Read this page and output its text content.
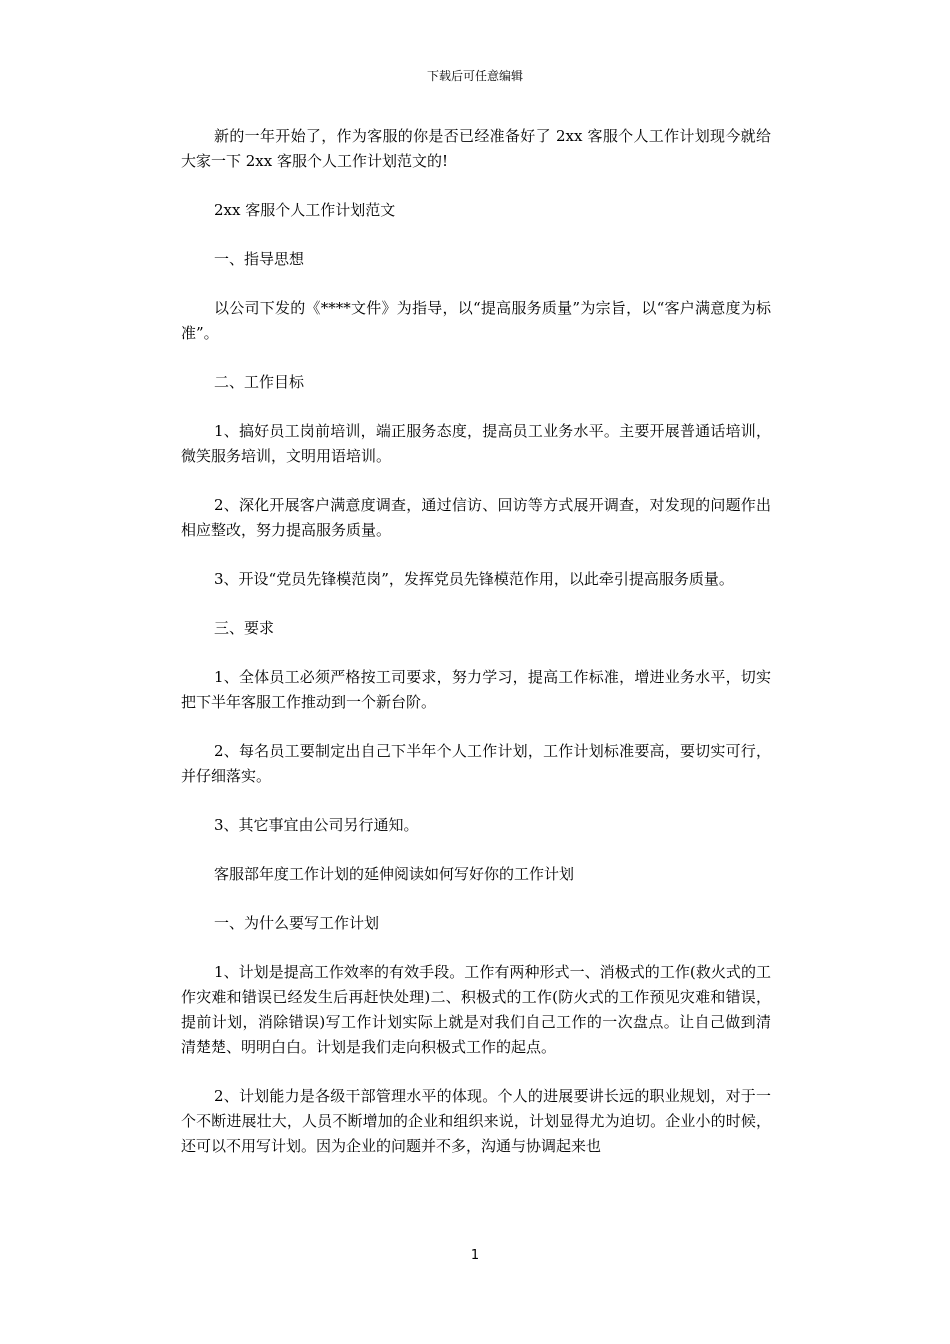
下载后可任意编辑

新的一年开始了，作为客服的你是否已经准备好了 2xx 客服个人工作计划现今就给大家一下 2xx 客服个人工作计划范文的!

2xx 客服个人工作计划范文

一、指导思想

以公司下发的《****文件》为指导，以“提高服务质量”为宗旨，以“客户满意度为标准”。

二、工作目标

1、搞好员工岗前培训，端正服务态度，提高员工业务水平。主要开展普通话培训，微笑服务培训，文明用语培训。

2、深化开展客户满意度调查，通过信访、回访等方式展开调查，对发现的问题作出相应整改，努力提高服务质量。

3、开设“党员先锋模范岗”，发挥党员先锋模范作用，以此牵引提高服务质量。

三、要求

1、全体员工必须严格按工司要求，努力学习，提高工作标准，增进业务水平，切实把下半年客服工作推动到一个新台阶。

2、每名员工要制定出自己下半年个人工作计划，工作计划标准要高，要切实可行，并仔细落实。

3、其它事宜由公司另行通知。

客服部年度工作计划的延伸阅读如何写好你的工作计划

一、为什么要写工作计划

1、计划是提高工作效率的有效手段。工作有两种形式一、消极式的工作(救火式的工作灾难和错误已经发生后再赶快处理)二、积极式的工作(防火式的工作预见灾难和错误，提前计划，消除错误)写工作计划实际上就是对我们自己工作的一次盘点。让自己做到清清楚楚、明明白白。计划是我们走向积极式工作的起点。

2、计划能力是各级干部管理水平的体现。个人的进展要讲长远的职业规划，对于一个不断进展壮大，人员不断增加的企业和组织来说，计划显得尤为迫切。企业小的时候，还可以不用写计划。因为企业的问题并不多，沟通与协调起来也

1
